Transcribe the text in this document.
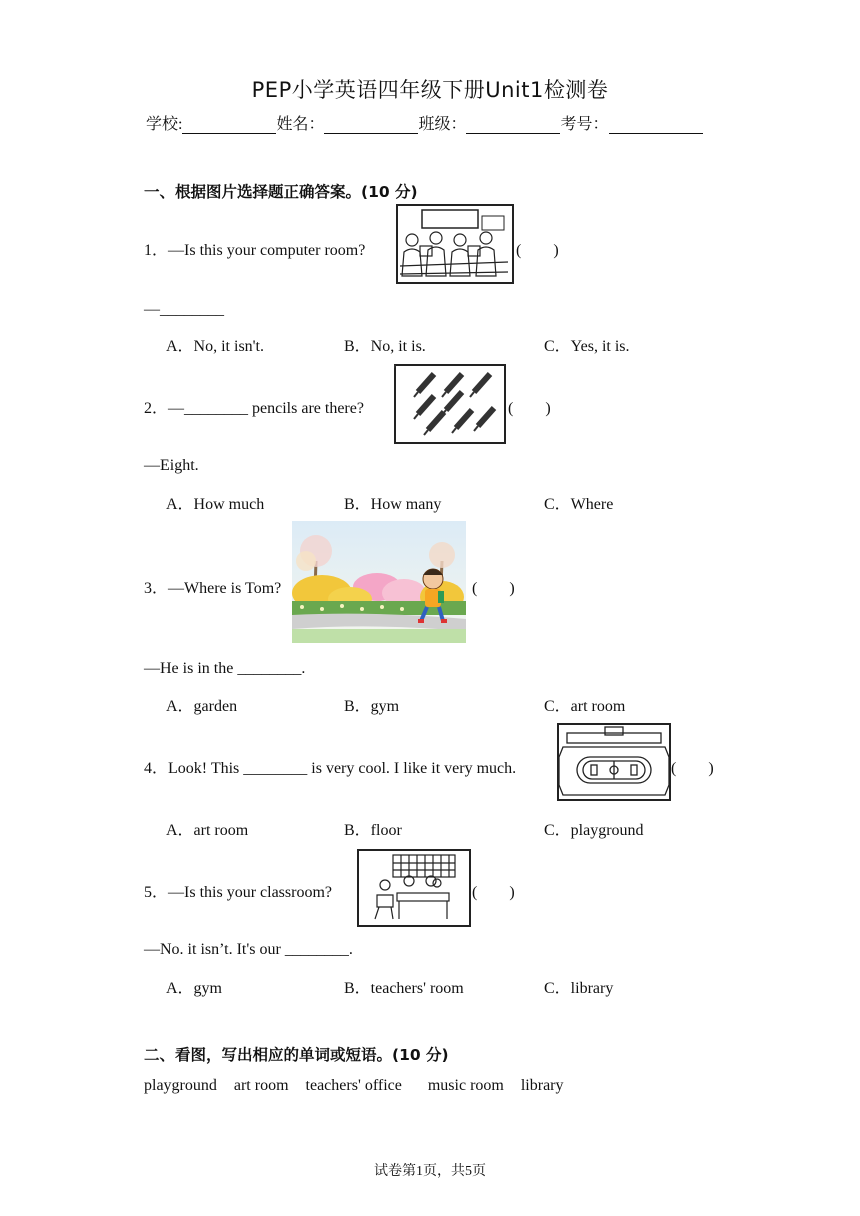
PEP小学英语四年级下册Unit1检测卷
学校:	姓名：	班级：	考号：
一、根据图片选择题正确答案。(10 分)
1．—Is this your computer room?	(　　)
—________
A．No, it isn't.	B．No, it is.	C．Yes, it is.
2．—________ pencils are there?	(　　)
—Eight.
A．How much	B．How many	C．Where
3．—Where is Tom?	(　　)
—He is in the ________.
A．garden	B．gym	C．art room
4．Look! This ________ is very cool. I like it very much.	(　　)
A．art room	B．floor	C．playground
5．—Is this your classroom?	(　　)
—No. it isn’t. It's our ________.
A．gym	B．teachers' room	C．library
二、看图，写出相应的单词或短语。(10 分)
playground art room teachers' office music room library
试卷第1页，共5页
